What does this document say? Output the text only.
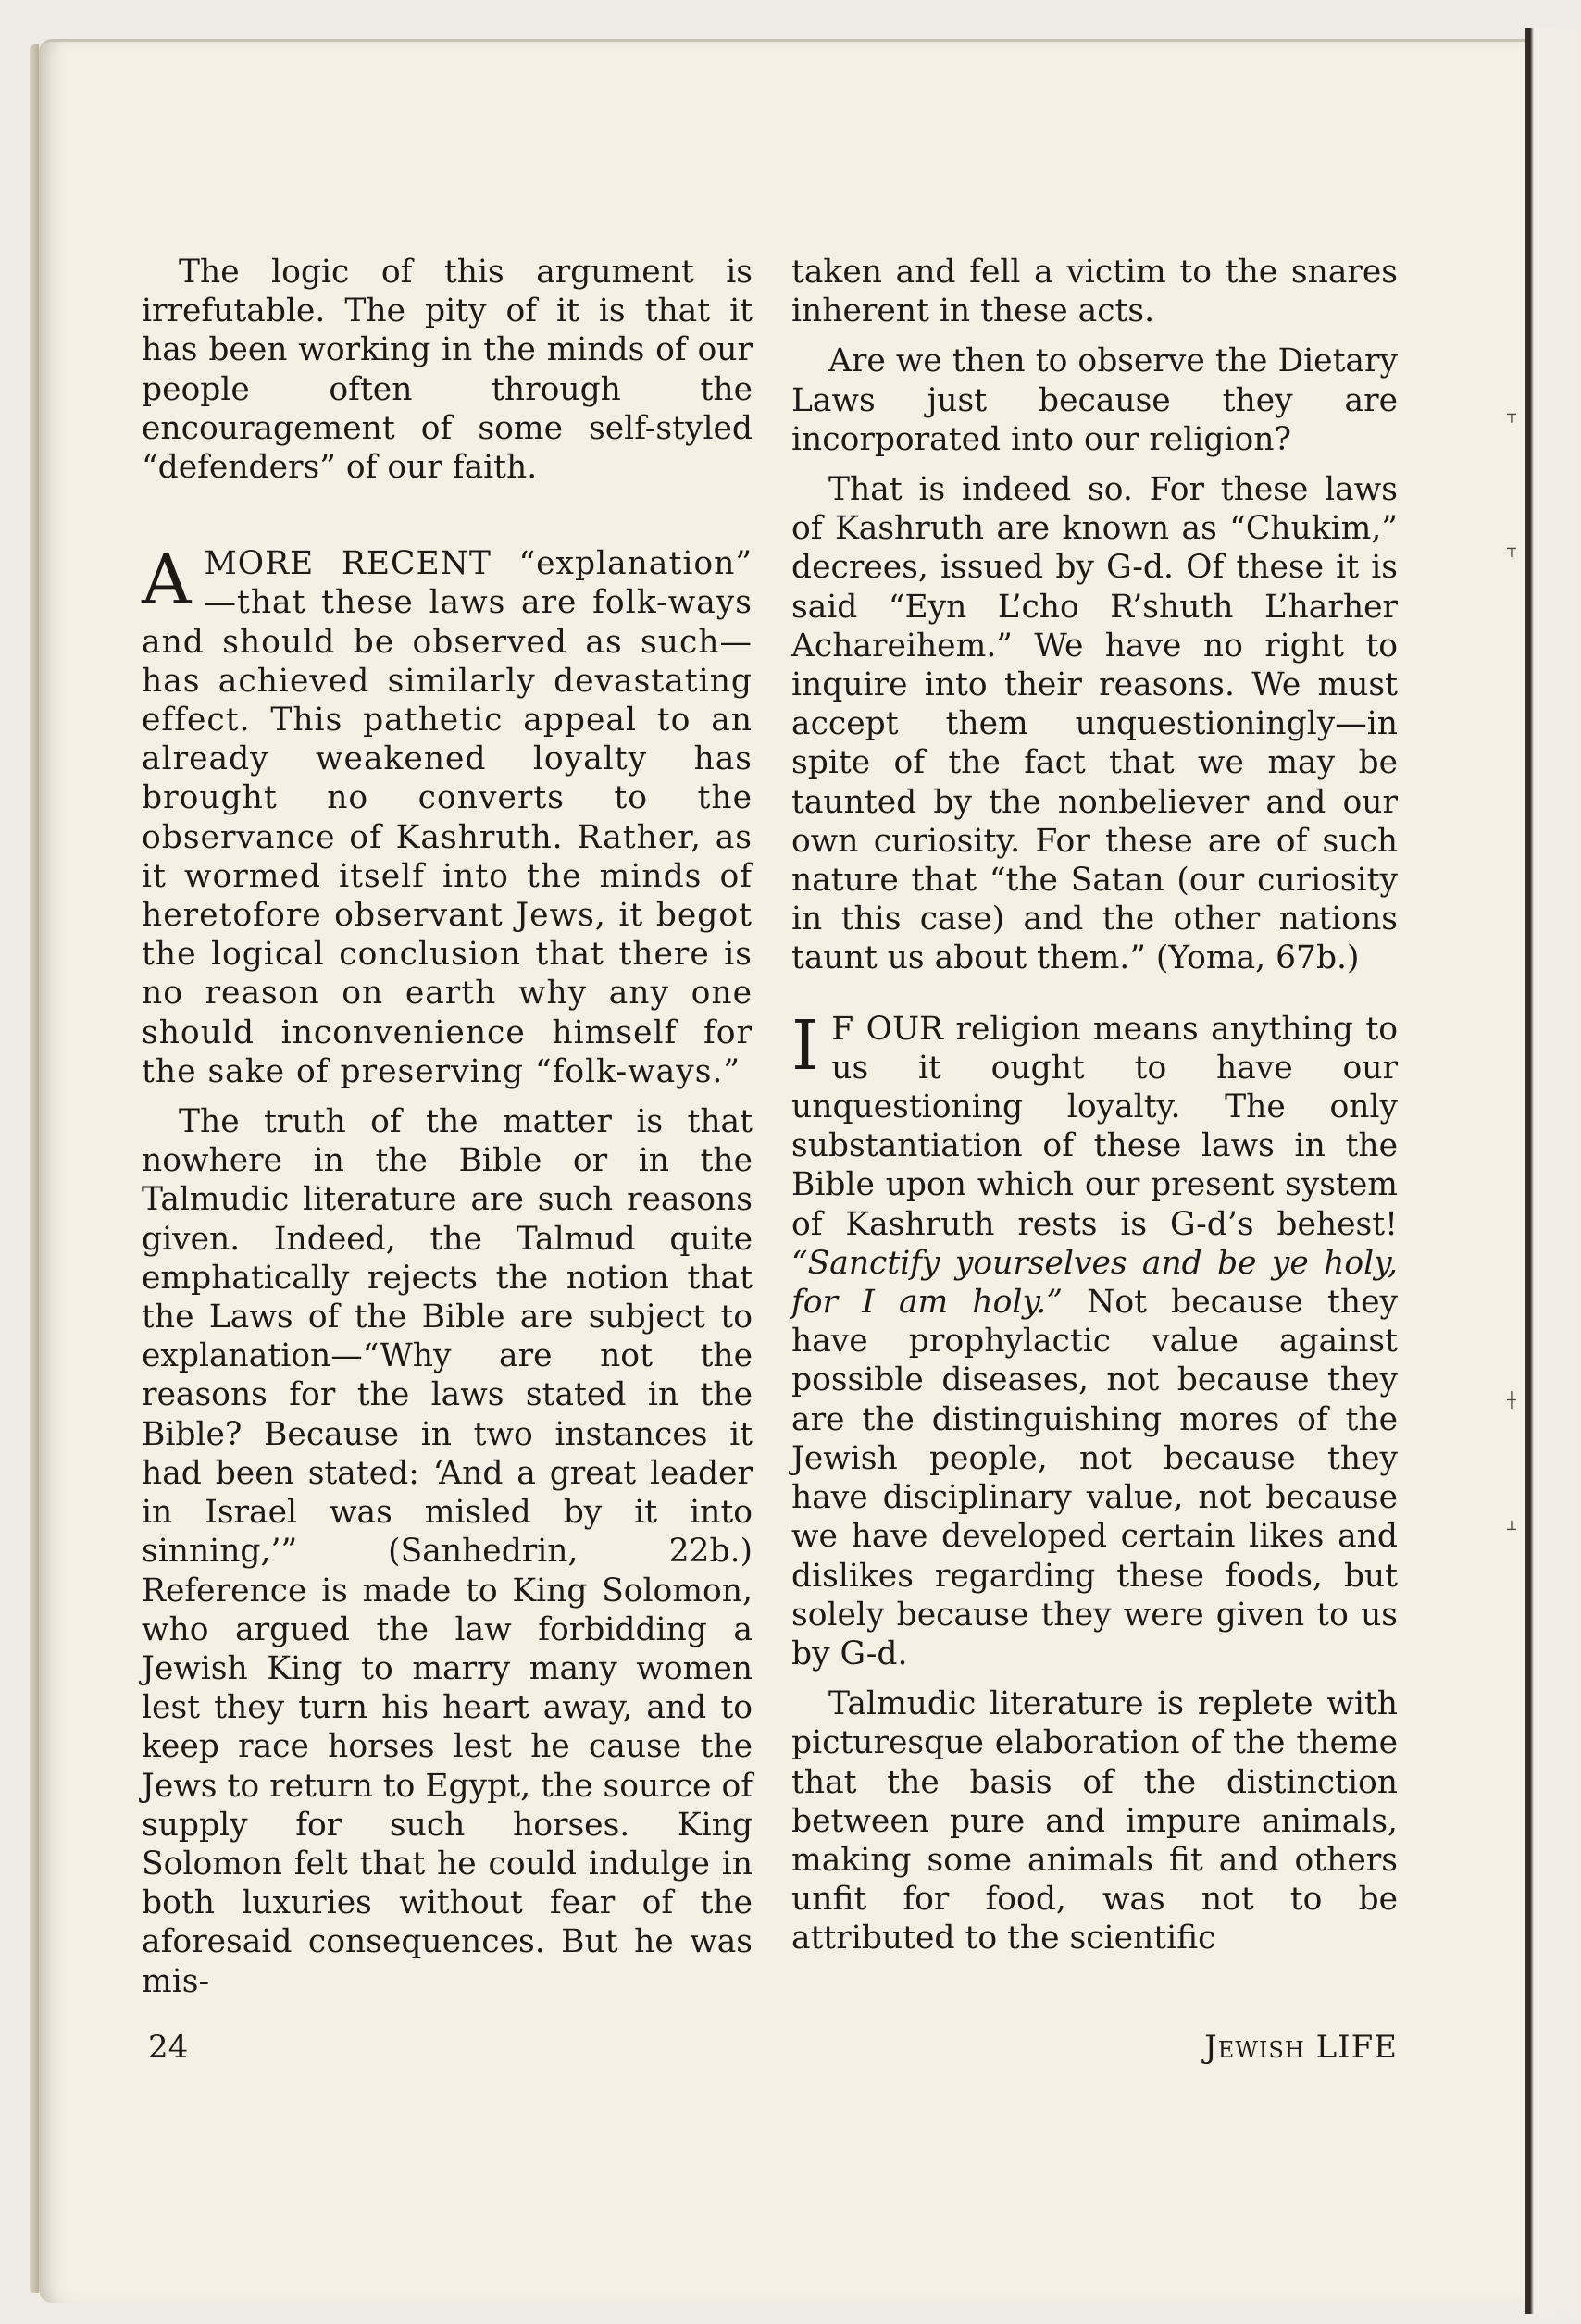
┬
┬
┼
┴

The logic of this argument is irrefutable. The pity of it is that it has been working in the minds of our people often through the encouragement of some self-styled “defenders” of our faith.

AMORE RECENT “explanation” —that these laws are folk-ways and should be observed as such— has achieved similarly devastating effect. This pathetic appeal to an already weakened loyalty has brought no converts to the observance of Kashruth. Rather, as it wormed itself into the minds of heretofore observant Jews, it begot the logical conclusion that there is no reason on earth why any one should inconvenience himself for the sake of preserving “folk-ways.”

The truth of the matter is that nowhere in the Bible or in the Talmudic literature are such reasons given. Indeed, the Talmud quite emphatically rejects the notion that the Laws of the Bible are subject to explanation—“Why are not the reasons for the laws stated in the Bible? Because in two instances it had been stated: ‘And a great leader in Israel was misled by it into sinning,’” (Sanhedrin, 22b.) Reference is made to King Solomon, who argued the law forbidding a Jewish King to marry many women lest they turn his heart away, and to keep race horses lest he cause the Jews to return to Egypt, the source of supply for such horses. King Solomon felt that he could indulge in both luxuries without fear of the aforesaid consequences. But he was mis-

taken and fell a victim to the snares inherent in these acts.

Are we then to observe the Dietary Laws just because they are incorporated into our religion?

That is indeed so. For these laws of Kashruth are known as “Chukim,” decrees, issued by G-d. Of these it is said “Eyn L’cho R’shuth L’harher Achareihem.” We have no right to inquire into their reasons. We must accept them unquestioningly—in spite of the fact that we may be taunted by the nonbeliever and our own curiosity. For these are of such nature that “the Satan (our curiosity in this case) and the other nations taunt us about them.” (Yoma, 67b.)

I F OUR religion means anything to us it ought to have our unquestioning loyalty. The only substantiation of these laws in the Bible upon which our present system of Kashruth rests is G-d’s behest! “Sanctify yourselves and be ye holy, for I am holy.” Not because they have prophylactic value against possible diseases, not because they are the distinguishing mores of the Jewish people, not because they have disciplinary value, not because we have developed certain likes and dislikes regarding these foods, but solely because they were given to us by G-d.

Talmudic literature is replete with picturesque elaboration of the theme that the basis of the distinction between pure and impure animals, making some animals fit and others unfit for food, was not to be attributed to the scientific

24	Jewish LIFE
